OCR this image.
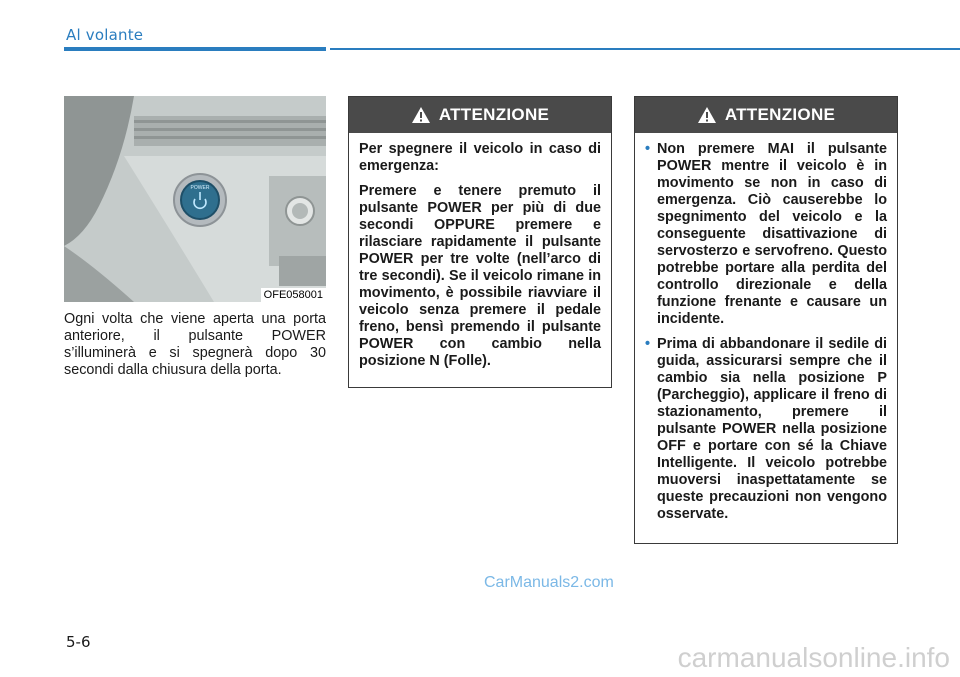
Al volante
POWER
OFE058001
Ogni volta che viene aperta una porta anteriore, il pulsante POWER s’illuminerà e si spegnerà dopo 30 secondi dalla chiusura della porta.
ATTENZIONE

Per spegnere il veicolo in caso di emergenza:

Premere e tenere premuto il pulsante POWER per più di due secondi OPPURE premere e rilasciare rapidamente il pulsante POWER per tre volte (nell’arco di tre secondi). Se il veicolo rimane in movimento, è possibile riavviare il veicolo senza premere il pedale freno, bensì premendo il pulsante POWER con cambio nella posizione N (Folle).

ATTENZIONE
• Non premere MAI il pulsante POWER mentre il veicolo è in movimento se non in caso di emergenza. Ciò causerebbe lo spegnimento del veicolo e la conseguente disattivazione di servosterzo e servofreno. Questo potrebbe portare alla perdita del controllo direzionale e della funzione frenante e causare un incidente.
• Prima di abbandonare il sedile di guida, assicurarsi sempre che il cambio sia nella posizione P (Parcheggio), applicare il freno di stazionamento, premere il pulsante POWER nella posizione OFF e portare con sé la Chiave Intelligente. Il veicolo potrebbe muoversi inaspettatamente se queste precauzioni non vengono osservate.
CarManuals2.com
5-6	carmanualsonline.info
